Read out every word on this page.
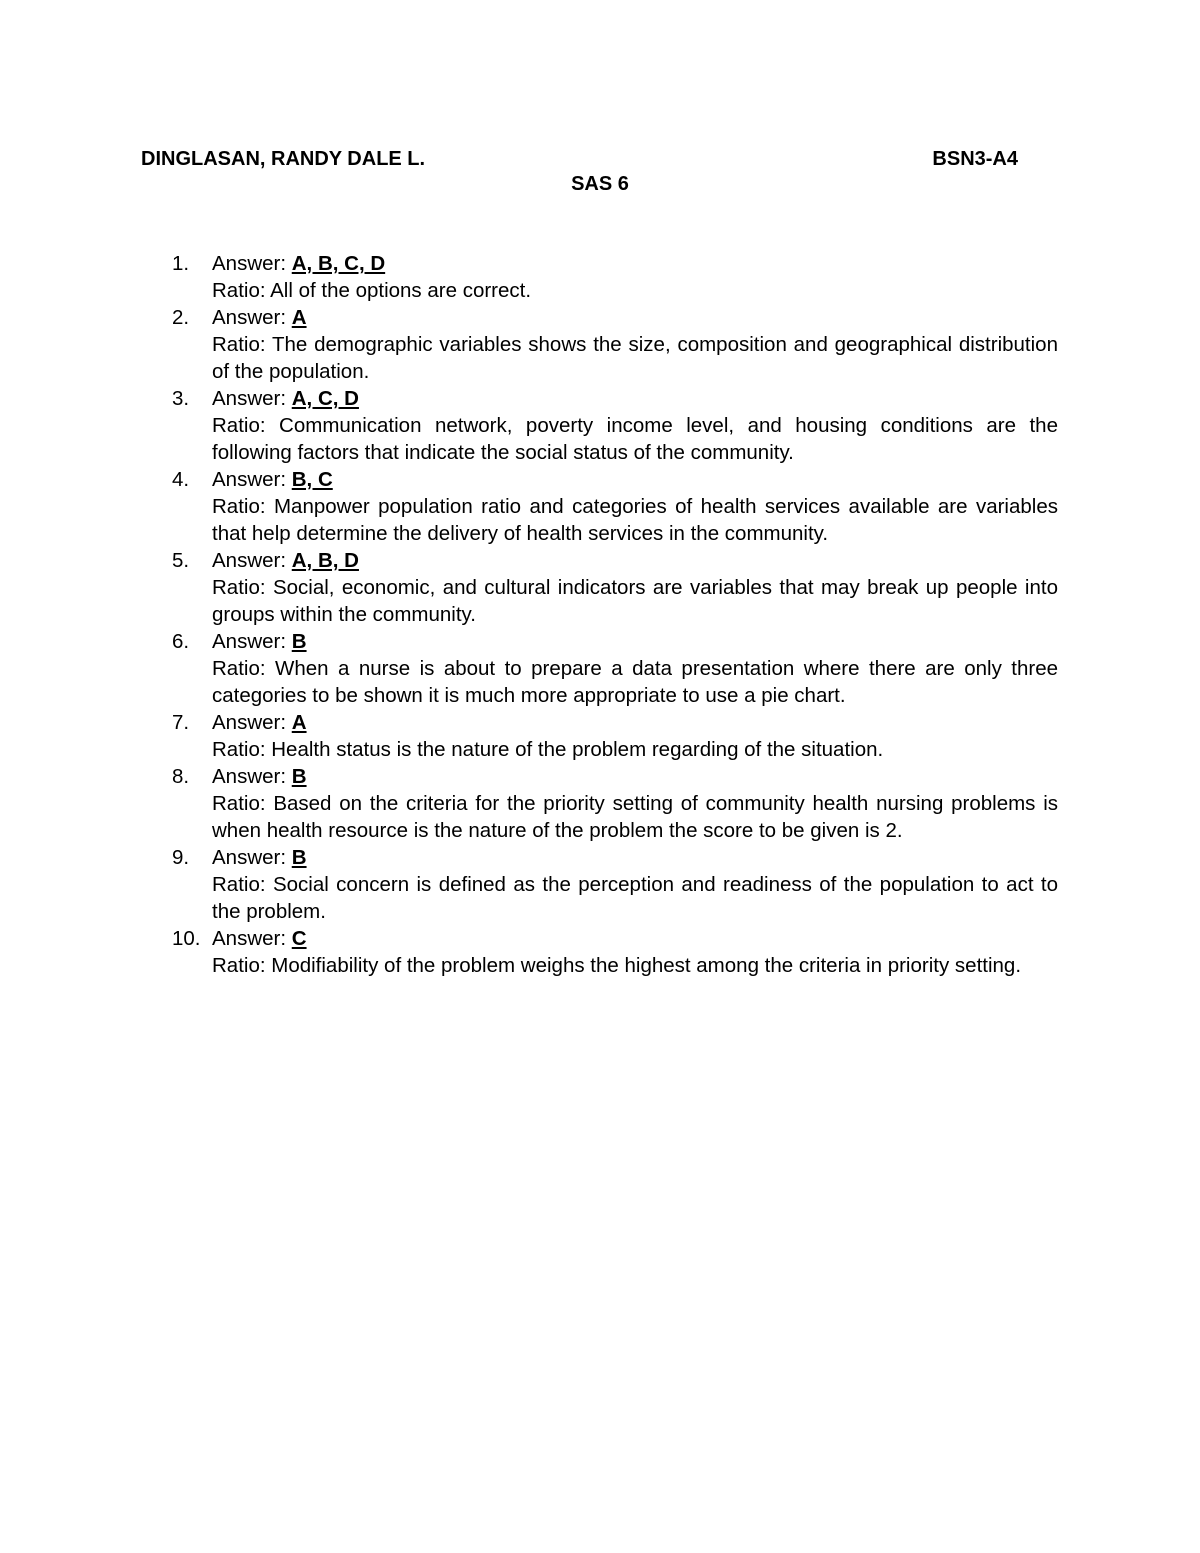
DINGLASAN, RANDY DALE L.	BSN3-A4
SAS 6
1.	Answer: A, B, C, D
Ratio: All of the options are correct.
2.	Answer: A
Ratio: The demographic variables shows the size, composition and geographical distribution of the population.
3.	Answer: A, C, D
Ratio: Communication network, poverty income level, and housing conditions are the following factors that indicate the social status of the community.
4.	Answer: B, C
Ratio: Manpower population ratio and categories of health services available are variables that help determine the delivery of health services in the community.
5.	Answer: A, B, D
Ratio: Social, economic, and cultural indicators are variables that may break up people into groups within the community.
6.	Answer: B
Ratio: When a nurse is about to prepare a data presentation where there are only three categories to be shown it is much more appropriate to use a pie chart.
7.	Answer: A
Ratio: Health status is the nature of the problem regarding of the situation.
8.	Answer: B
Ratio: Based on the criteria for the priority setting of community health nursing problems is when health resource is the nature of the problem the score to be given is 2.
9.	Answer: B
Ratio: Social concern is defined as the perception and readiness of the population to act to the problem.
10. Answer: C
Ratio: Modifiability of the problem weighs the highest among the criteria in priority setting.
